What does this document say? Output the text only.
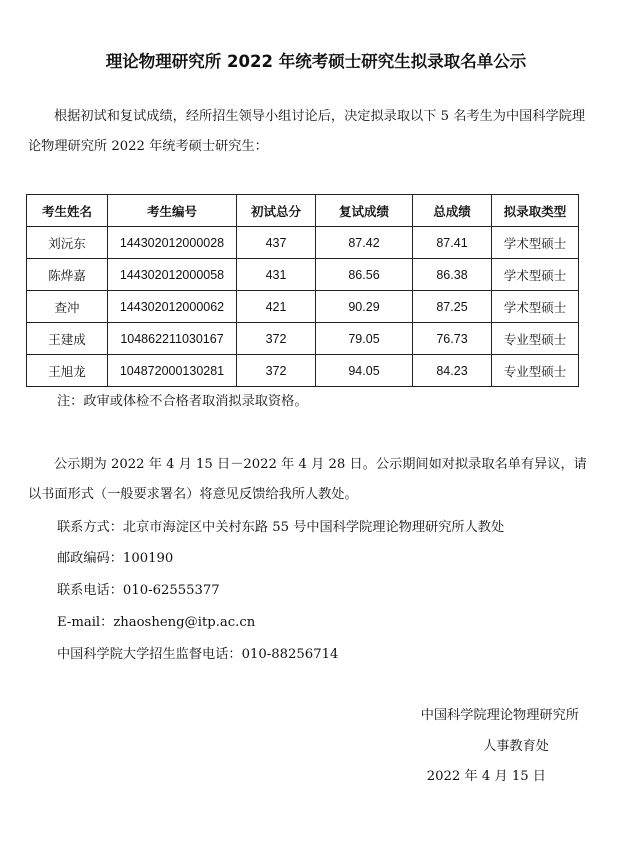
理论物理研究所 2022 年统考硕士研究生拟录取名单公示
根据初试和复试成绩，经所招生领导小组讨论后，决定拟录取以下 5 名考生为中国科学院理论物理研究所 2022 年统考硕士研究生：
考生姓名	考生编号	初试总分	复试成绩	总成绩	拟录取类型
刘沅东	144302012000028	437	87.42	87.41	学术型硕士
陈烨嘉	144302012000058	431	86.56	86.38	学术型硕士
查冲	144302012000062	421	90.29	87.25	学术型硕士
王建成	104862211030167	372	79.05	76.73	专业型硕士
王旭龙	104872000130281	372	94.05	84.23	专业型硕士
注：政审或体检不合格者取消拟录取资格。
公示期为 2022 年 4 月 15 日－2022 年 4 月 28 日。公示期间如对拟录取名单有异议，请以书面形式（一般要求署名）将意见反馈给我所人教处。
联系方式：北京市海淀区中关村东路 55 号中国科学院理论物理研究所人教处
邮政编码：100190
联系电话：010-62555377
E-mail：zhaosheng@itp.ac.cn
中国科学院大学招生监督电话：010-88256714
中国科学院理论物理研究所
人事教育处
2022 年 4 月 15 日
